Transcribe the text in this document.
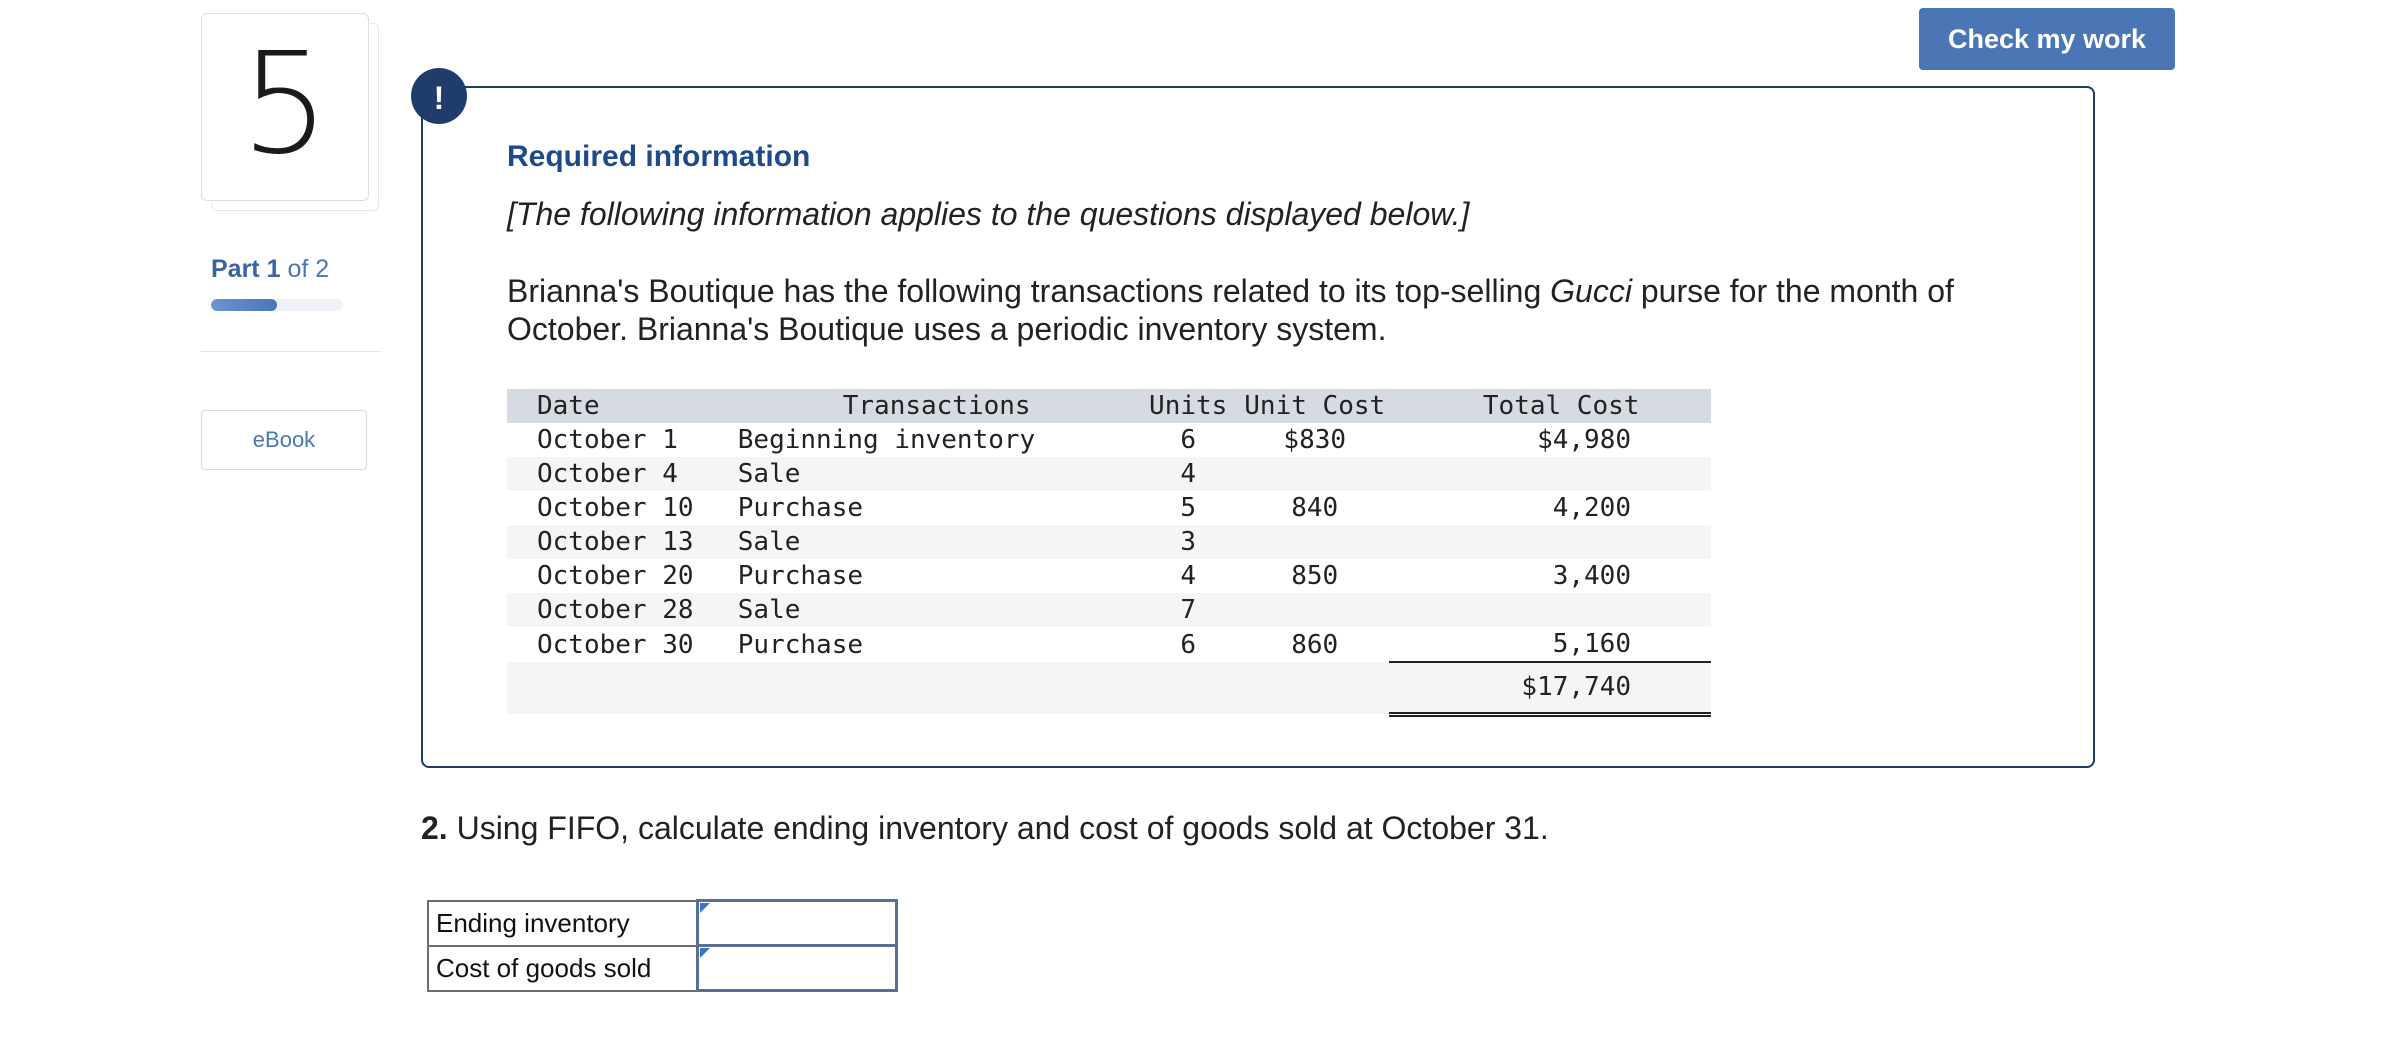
5
Part 1 of 2
eBook
Check my work
!
Required information
[The following information applies to the questions displayed below.]
Brianna's Boutique has the following transactions related to its top-selling Gucci purse for the month of October. Brianna's Boutique uses a periodic inventory system.
Date	Transactions	Units	Unit Cost		Total Cost
October 1	Beginning inventory	6	$830		$4,980
October 4	Sale	4			
October 10	Purchase	5	840		4,200
October 13	Sale	3			
October 20	Purchase	4	850		3,400
October 28	Sale	7			
October 30	Purchase	6	860		5,160
					$17,740
2. Using FIFO, calculate ending inventory and cost of goods sold at October 31.
Ending inventory	
Cost of goods sold	
